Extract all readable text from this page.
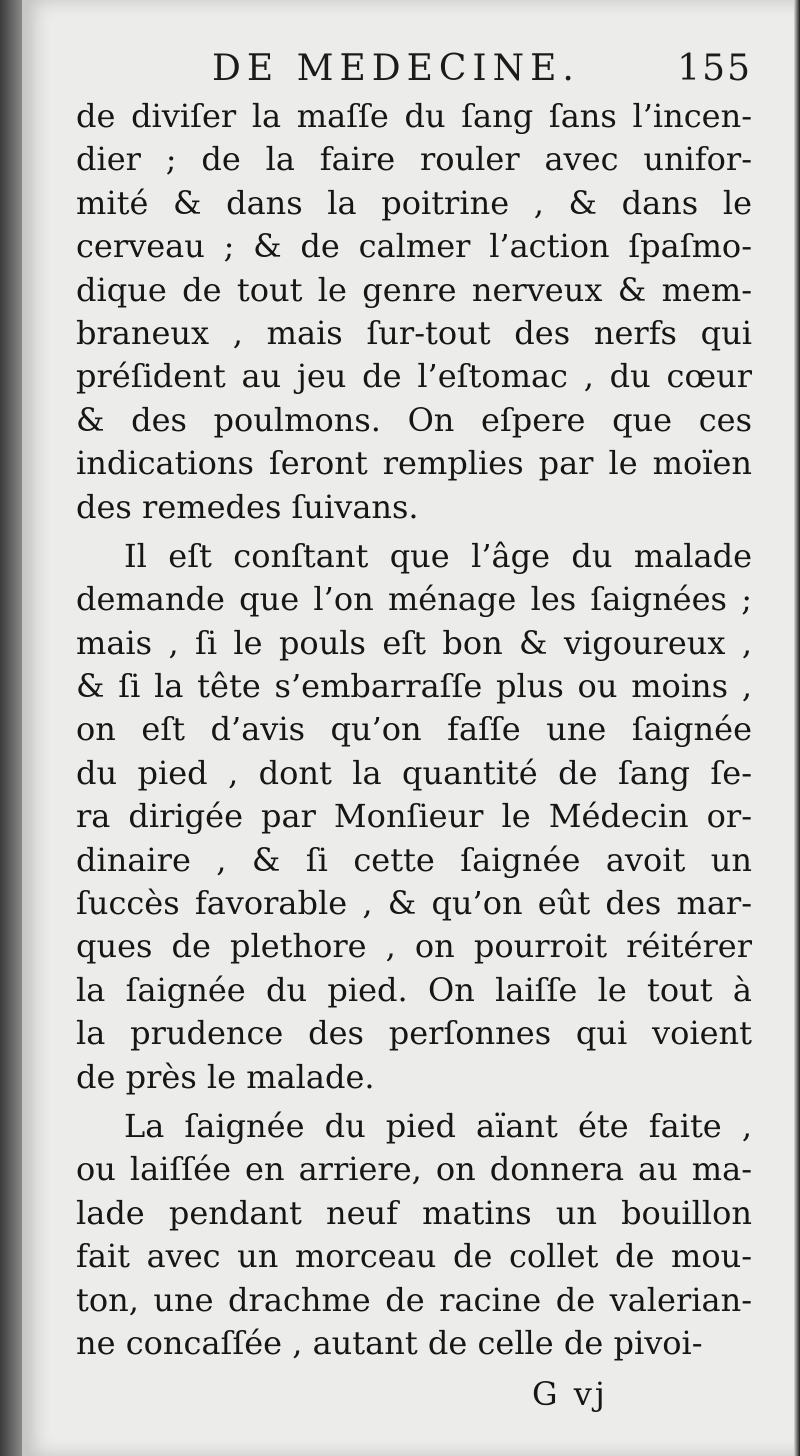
DE MEDECINE.	155
de diviſer la maſſe du ſang ſans l’incen-
dier ; de la faire rouler avec unifor-
mité & dans la poitrine , & dans le
cerveau ; & de calmer l’action ſpaſmo-
dique de tout le genre nerveux & mem-
braneux , mais ſur-tout des nerfs qui
préſident au jeu de l’eſtomac , du cœur
& des poulmons. On eſpere que ces
indications ſeront remplies par le moïen
des remedes ſuivans.
Il eſt conſtant que l’âge du malade
demande que l’on ménage les ſaignées ;
mais , ſi le pouls eſt bon & vigoureux ,
& ſi la tête s’embarraſſe plus ou moins ,
on eſt d’avis qu’on faſſe une ſaignée
du pied , dont la quantité de ſang ſe-
ra dirigée par Monſieur le Médecin or-
dinaire , & ſi cette ſaignée avoit un
ſuccès favorable , & qu’on eût des mar-
ques de plethore , on pourroit réitérer
la ſaignée du pied. On laiſſe le tout à
la prudence des perſonnes qui voient
de près le malade.
La ſaignée du pied aïant éte faite ,
ou laiſſée en arriere, on donnera au ma-
lade pendant neuf matins un bouillon
fait avec un morceau de collet de mou-
ton, une drachme de racine de valerian-
ne concaſſée , autant de celle de pivoi-
G vj
